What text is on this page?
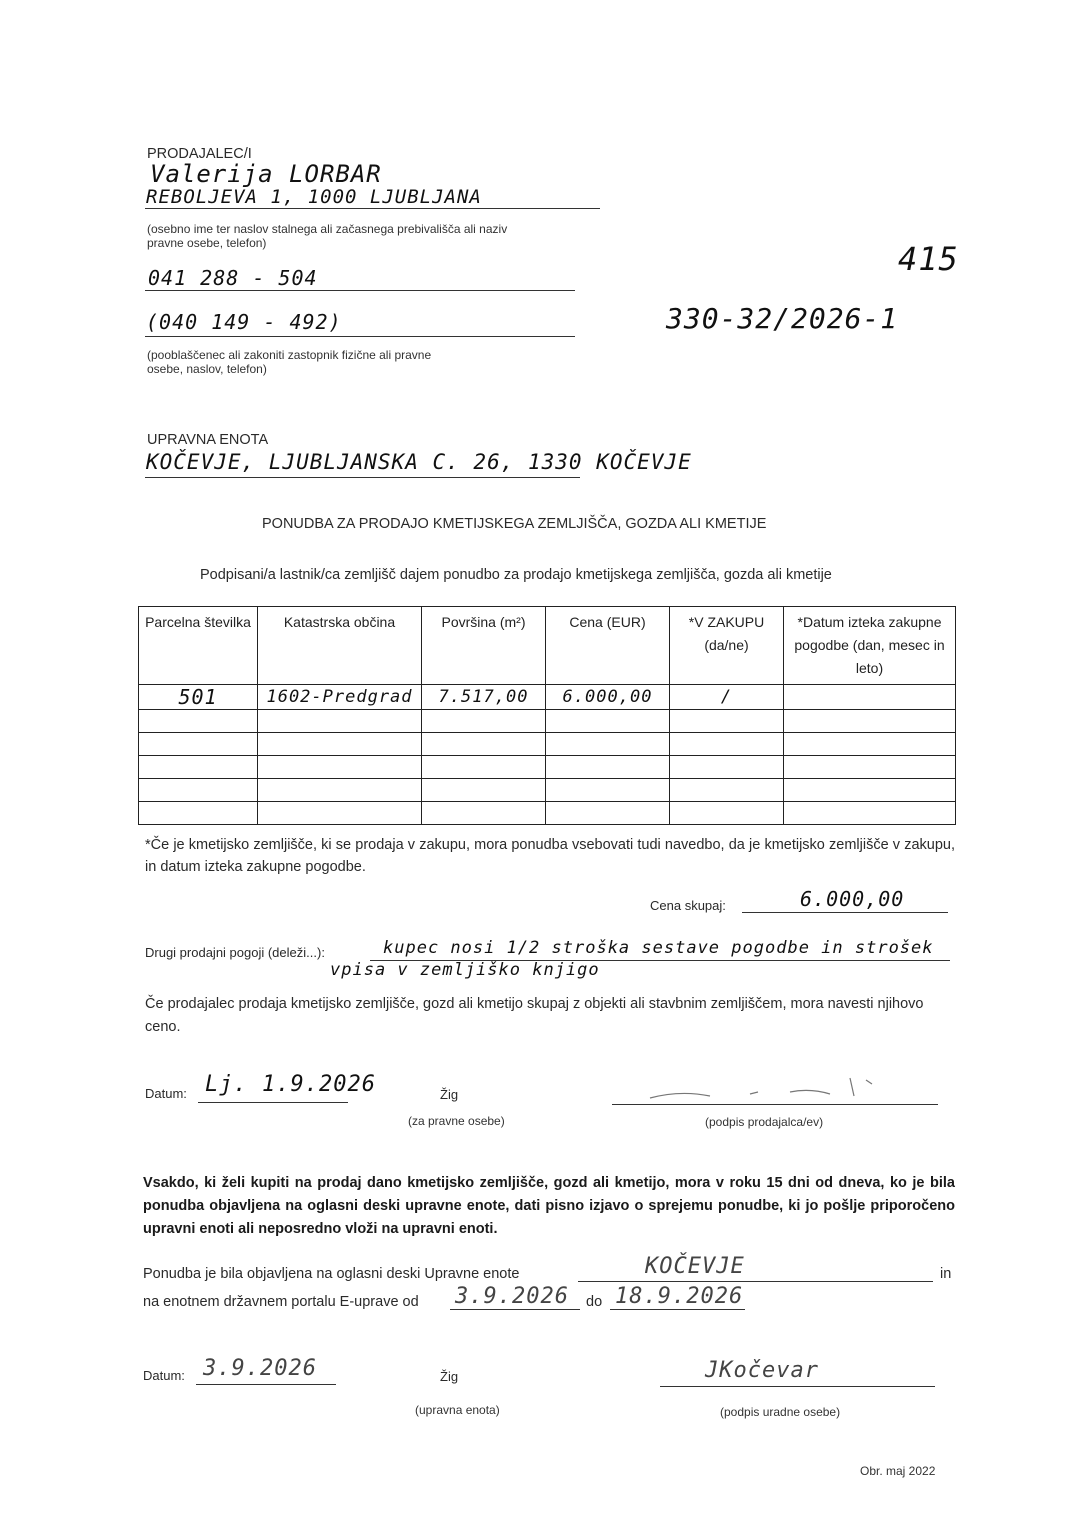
PRODAJALEC/I
Valerija LORBAR
REBOLJEVA 1, 1000 LJUBLJANA
(osebno ime ter naslov stalnega ali začasnega prebivališča ali naziv pravne osebe, telefon)
041 288 - 504
(040 149 - 492)
(pooblaščenec ali zakoniti zastopnik fizične ali pravne osebe, naslov, telefon)
415
330-32/2026-1
UPRAVNA ENOTA
KOČEVJE, LJUBLJANSKA C. 26, 1330 KOČEVJE
PONUDBA ZA PRODAJO KMETIJSKEGA ZEMLJIŠČA, GOZDA ALI KMETIJE
Podpisani/a lastnik/ca zemljišč dajem ponudbo za prodajo kmetijskega zemljišča, gozda ali kmetije
Parcelna številka	Katastrska občina	Površina (m²)	Cena (EUR)	*V ZAKUPU (da/ne)	*Datum izteka zakupne pogodbe (dan, mesec in leto)
501	1602-Predgrad	7.517,00	6.000,00	/	

*Če je kmetijsko zemljišče, ki se prodaja v zakupu, mora ponudba vsebovati tudi navedbo, da je kmetijsko zemljišče v zakupu, in datum izteka zakupne pogodbe.
Cena skupaj:	6.000,00
Drugi prodajni pogoji (deleži...):	kupec nosi 1/2 stroška sestave pogodbe in strošek
vpisa v zemljiško knjigo
Če prodajalec prodaja kmetijsko zemljišče, gozd ali kmetijo skupaj z objekti ali stavbnim zemljiščem, mora navesti njihovo ceno.
Datum: Lj. 1.9.2026	Žig
(za pravne osebe)	(podpis prodajalca/ev)
Vsakdo, ki želi kupiti na prodaj dano kmetijsko zemljišče, gozd ali kmetijo, mora v roku 15 dni od dneva, ko je bila ponudba objavljena na oglasni deski upravne enote, dati pisno izjavo o sprejemu ponudbe, ki jo pošlje priporočeno upravni enoti ali neposredno vloži na upravni enoti.
Ponudba je bila objavljena na oglasni deski Upravne enote	KOČEVJE	in
na enotnem državnem portalu E-uprave od 3.9.2026 do 18.9.2026
Datum: 3.9.2026	Žig
(upravna enota)
JKočevar
(podpis uradne osebe)
Obr. maj 2022
